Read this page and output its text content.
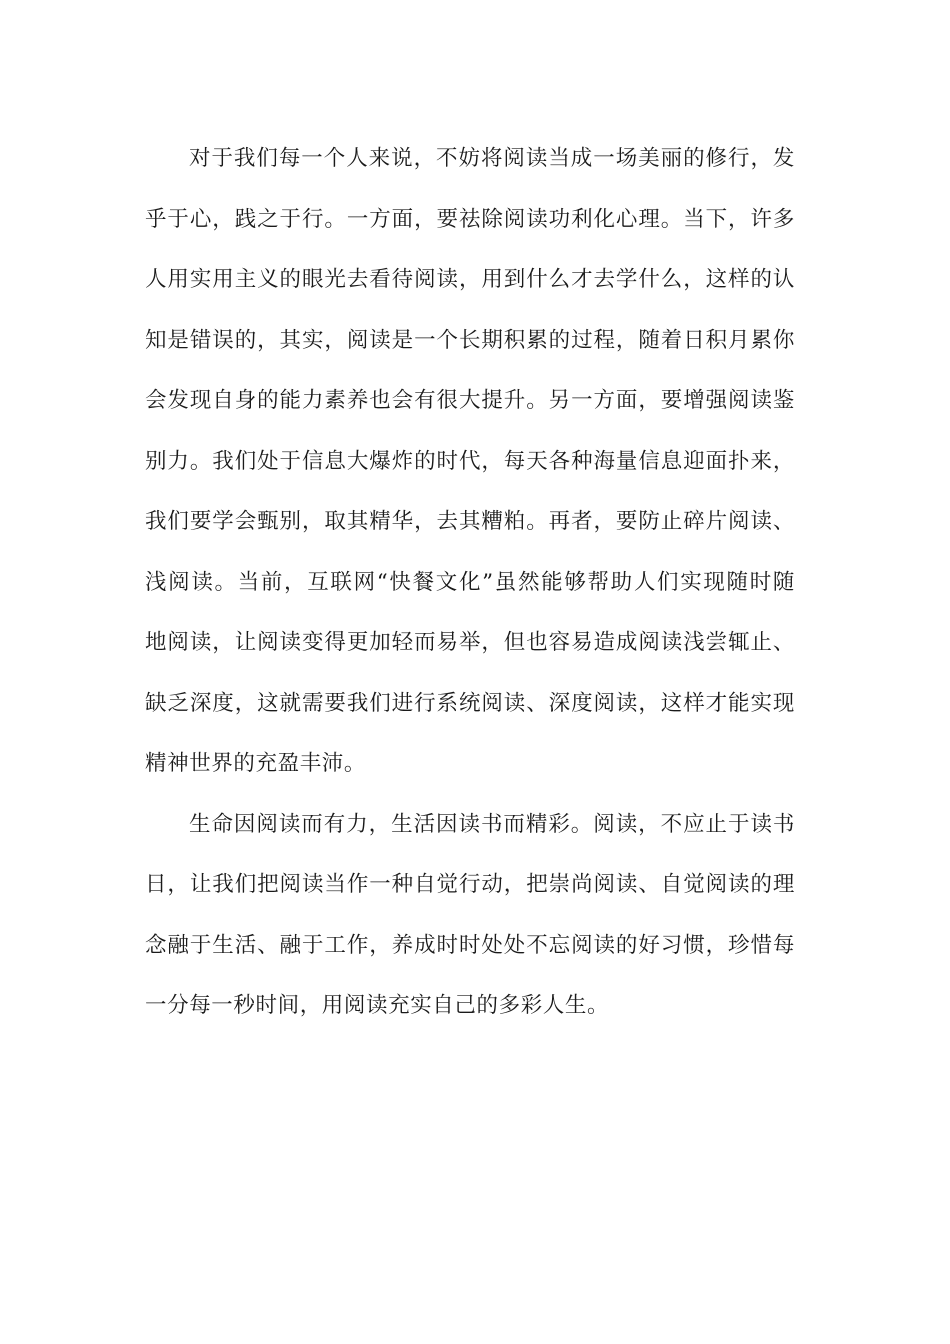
对于我们每一个人来说，不妨将阅读当成一场美丽的修行，发
乎于心，践之于行。一方面，要祛除阅读功利化心理。当下，许多
人用实用主义的眼光去看待阅读，用到什么才去学什么，这样的认
知是错误的，其实，阅读是一个长期积累的过程，随着日积月累你
会发现自身的能力素养也会有很大提升。另一方面，要增强阅读鉴
别力。我们处于信息大爆炸的时代，每天各种海量信息迎面扑来，
我们要学会甄别，取其精华，去其糟粕。再者，要防止碎片阅读、
浅阅读。当前，互联网“快餐文化”虽然能够帮助人们实现随时随
地阅读，让阅读变得更加轻而易举，但也容易造成阅读浅尝辄止、
缺乏深度，这就需要我们进行系统阅读、深度阅读，这样才能实现
精神世界的充盈丰沛。
生命因阅读而有力，生活因读书而精彩。阅读，不应止于读书
日，让我们把阅读当作一种自觉行动，把崇尚阅读、自觉阅读的理
念融于生活、融于工作，养成时时处处不忘阅读的好习惯，珍惜每
一分每一秒时间，用阅读充实自己的多彩人生。
